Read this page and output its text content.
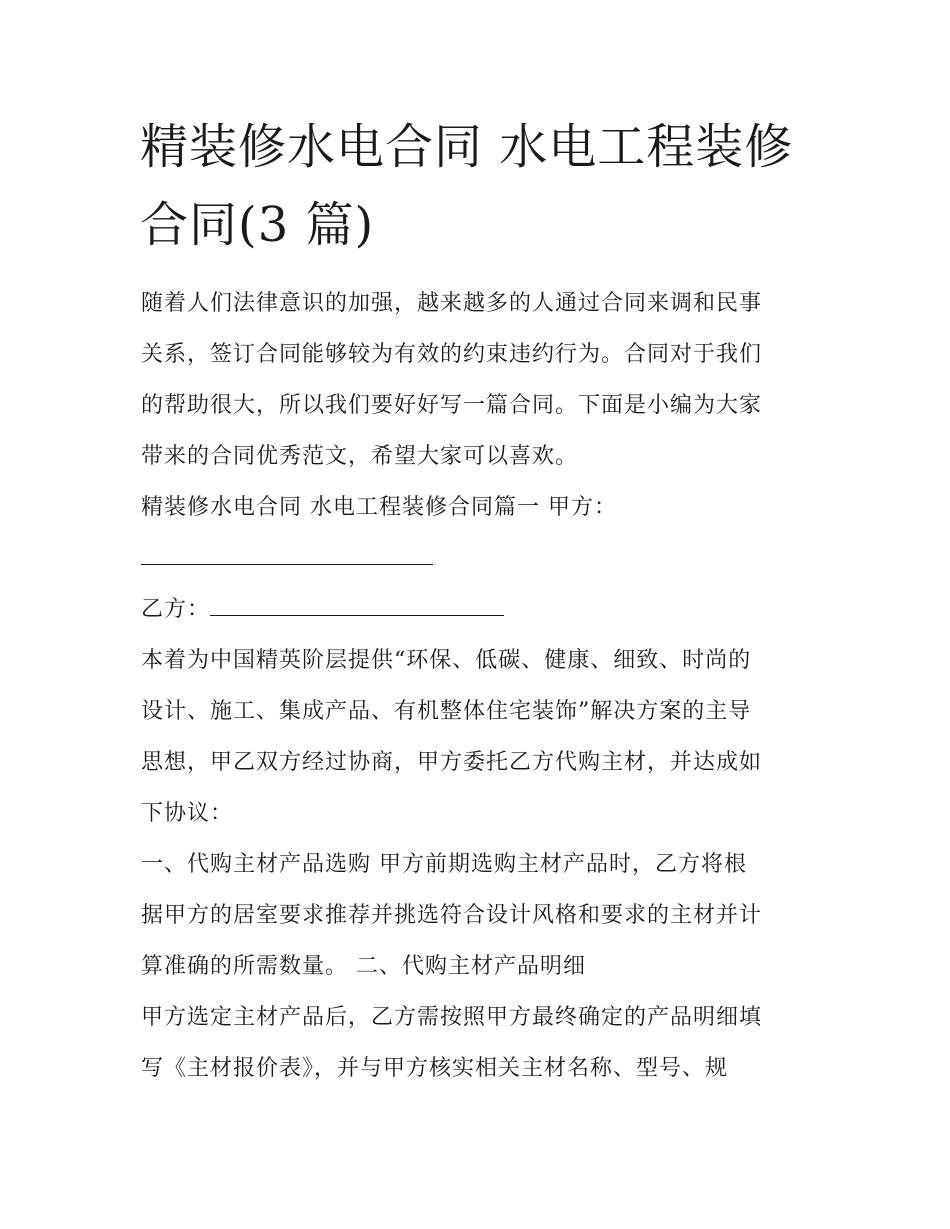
精装修水电合同 水电工程装修
合同(3 篇)
随着人们法律意识的加强，越来越多的人通过合同来调和民事
关系，签订合同能够较为有效的约束违约行为。合同对于我们
的帮助很大，所以我们要好好写一篇合同。下面是小编为大家
带来的合同优秀范文，希望大家可以喜欢。
精装修水电合同 水电工程装修合同篇一 甲方：
乙方：
本着为中国精英阶层提供“环保、低碳、健康、细致、时尚的
设计、施工、集成产品、有机整体住宅装饰”解决方案的主导
思想，甲乙双方经过协商，甲方委托乙方代购主材，并达成如
下协议：
一、代购主材产品选购 甲方前期选购主材产品时，乙方将根
据甲方的居室要求推荐并挑选符合设计风格和要求的主材并计
算准确的所需数量。 二、代购主材产品明细
甲方选定主材产品后，乙方需按照甲方最终确定的产品明细填
写《主材报价表》，并与甲方核实相关主材名称、型号、规
